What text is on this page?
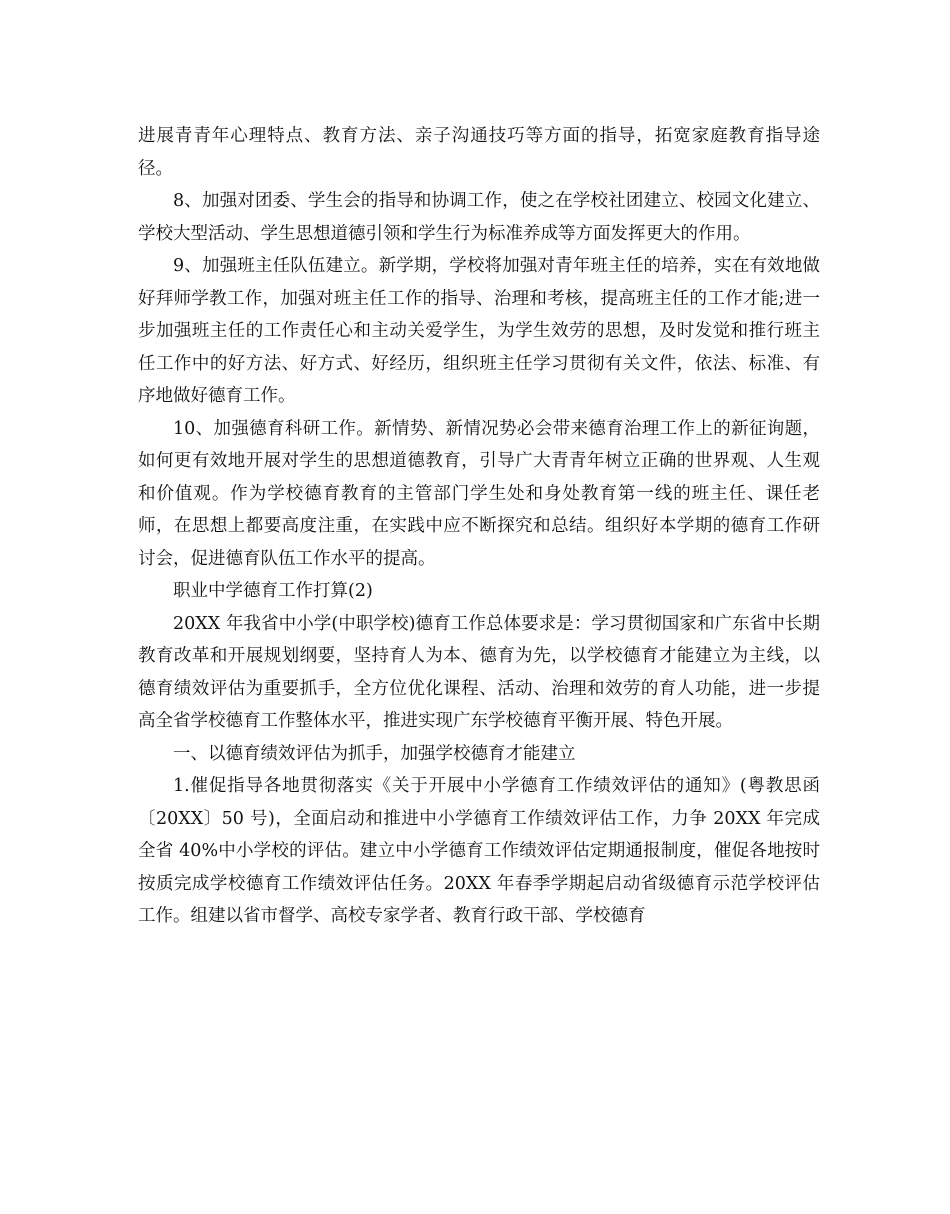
进展青青年心理特点、教育方法、亲子沟通技巧等方面的指导，拓宽家庭教育指导途径。

8、加强对团委、学生会的指导和协调工作，使之在学校社团建立、校园文化建立、学校大型活动、学生思想道德引领和学生行为标准养成等方面发挥更大的作用。

9、加强班主任队伍建立。新学期，学校将加强对青年班主任的培养，实在有效地做好拜师学教工作，加强对班主任工作的指导、治理和考核，提高班主任的工作才能;进一步加强班主任的工作责任心和主动关爱学生，为学生效劳的思想，及时发觉和推行班主任工作中的好方法、好方式、好经历，组织班主任学习贯彻有关文件，依法、标准、有序地做好德育工作。

10、加强德育科研工作。新情势、新情况势必会带来德育治理工作上的新征询题，如何更有效地开展对学生的思想道德教育，引导广大青青年树立正确的世界观、人生观和价值观。作为学校德育教育的主管部门学生处和身处教育第一线的班主任、课任老师，在思想上都要高度注重，在实践中应不断探究和总结。组织好本学期的德育工作研讨会，促进德育队伍工作水平的提高。

职业中学德育工作打算(2)

20XX 年我省中小学(中职学校)德育工作总体要求是：学习贯彻国家和广东省中长期教育改革和开展规划纲要，坚持育人为本、德育为先，以学校德育才能建立为主线，以德育绩效评估为重要抓手，全方位优化课程、活动、治理和效劳的育人功能，进一步提高全省学校德育工作整体水平，推进实现广东学校德育平衡开展、特色开展。

一、以德育绩效评估为抓手，加强学校德育才能建立

1.催促指导各地贯彻落实《关于开展中小学德育工作绩效评估的通知》(粤教思函〔20XX〕50 号)，全面启动和推进中小学德育工作绩效评估工作，力争 20XX 年完成全省 40%中小学校的评估。建立中小学德育工作绩效评估定期通报制度，催促各地按时按质完成学校德育工作绩效评估任务。20XX 年春季学期起启动省级德育示范学校评估工作。组建以省市督学、高校专家学者、教育行政干部、学校德育
